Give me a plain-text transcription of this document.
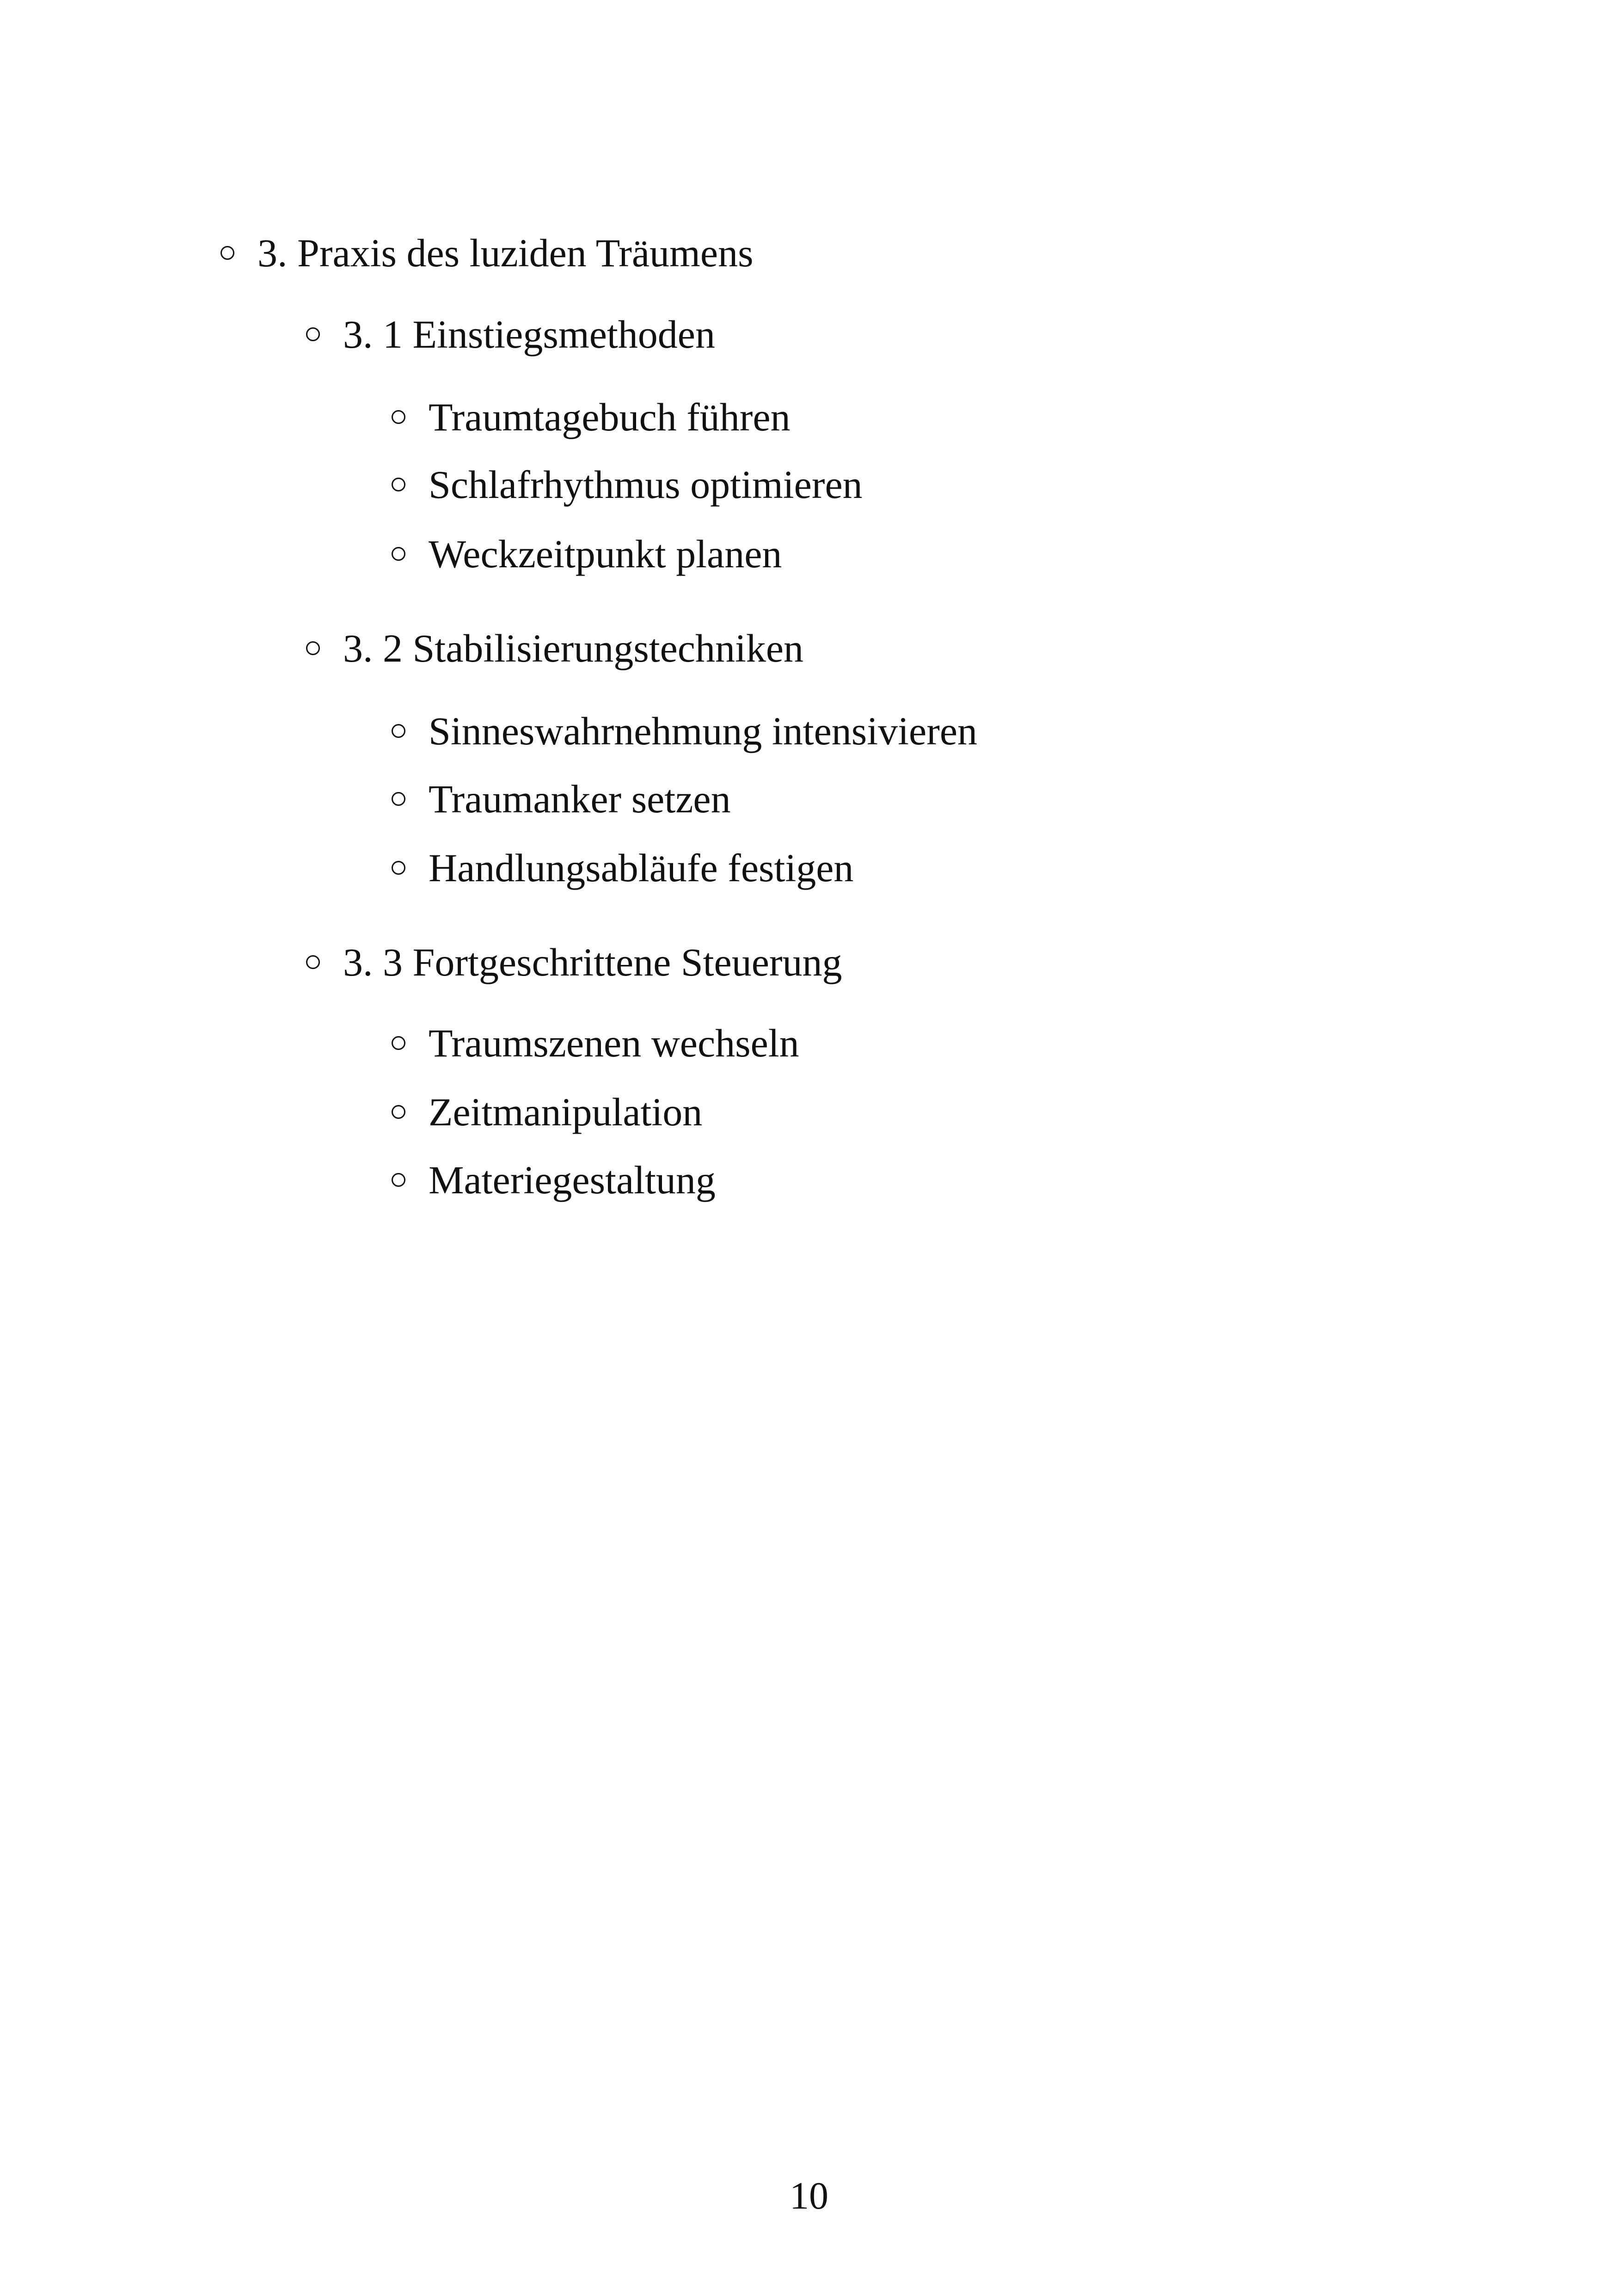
3. Praxis des luziden Träumens
3. 1 Einstiegsmethoden
Traumtagebuch führen
Schlafrhythmus optimieren
Weckzeitpunkt planen
3. 2 Stabilisierungstechniken
Sinneswahrnehmung intensivieren
Traumanker setzen
Handlungsabläufe festigen
3. 3 Fortgeschrittene Steuerung
Traumszenen wechseln
Zeitmanipulation
Materiegestaltung
10
